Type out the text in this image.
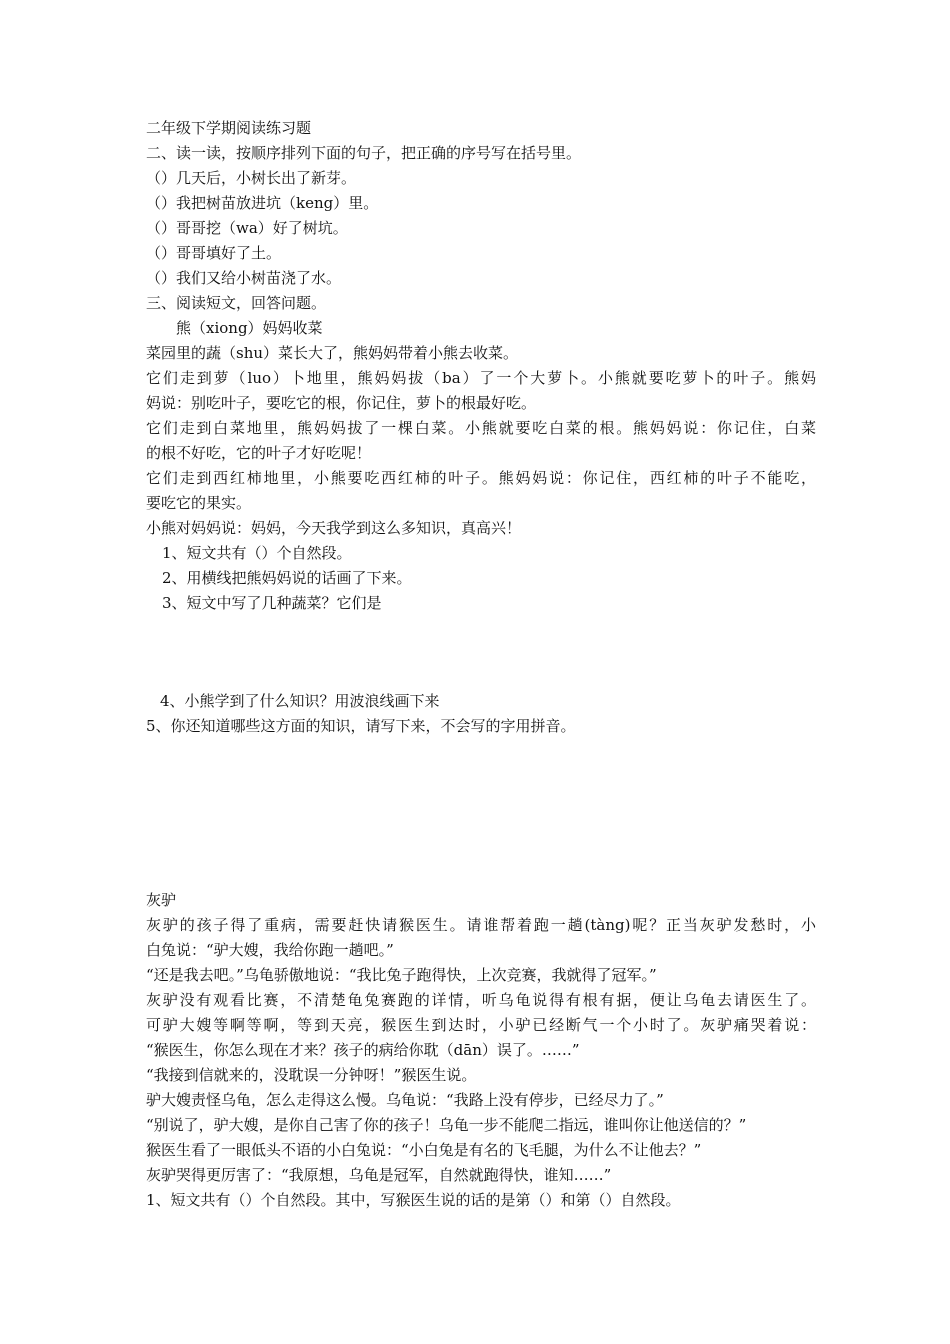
二年级下学期阅读练习题
二、读一读，按顺序排列下面的句子，把正确的序号写在括号里。
（）几天后，小树长出了新芽。
（）我把树苗放进坑（keng）里。
（）哥哥挖（wa）好了树坑。
（）哥哥填好了土。
（）我们又给小树苗浇了水。
三、阅读短文，回答问题。
熊（xiong）妈妈收菜
菜园里的蔬（shu）菜长大了，熊妈妈带着小熊去收菜。
它们走到萝（luo）卜地里，熊妈妈拔（ba）了一个大萝卜。小熊就要吃萝卜的叶子。熊妈
妈说：别吃叶子，要吃它的根，你记住，萝卜的根最好吃。
它们走到白菜地里，熊妈妈拔了一棵白菜。小熊就要吃白菜的根。熊妈妈说：你记住，白菜
的根不好吃，它的叶子才好吃呢！
它们走到西红柿地里，小熊要吃西红柿的叶子。熊妈妈说：你记住，西红柿的叶子不能吃，
要吃它的果实。
小熊对妈妈说：妈妈，今天我学到这么多知识，真高兴！
1、短文共有（）个自然段。
2、用横线把熊妈妈说的话画了下来。
3、短文中写了几种蔬菜？它们是
4、小熊学到了什么知识？用波浪线画下来
5、你还知道哪些这方面的知识，请写下来，不会写的字用拼音。
灰驴
灰驴的孩子得了重病，需要赶快请猴医生。请谁帮着跑一趟(tàng)呢？正当灰驴发愁时，小
白兔说：“驴大嫂，我给你跑一趟吧。”
“还是我去吧。”乌龟骄傲地说：“我比兔子跑得快，上次竞赛，我就得了冠军。”
灰驴没有观看比赛，不清楚龟兔赛跑的详情，听乌龟说得有根有据，便让乌龟去请医生了。
可驴大嫂等啊等啊，等到天亮，猴医生到达时，小驴已经断气一个小时了。灰驴痛哭着说：
“猴医生，你怎么现在才来？孩子的病给你耽（dān）误了。……”
“我接到信就来的，没耽误一分钟呀！”猴医生说。
驴大嫂责怪乌龟，怎么走得这么慢。乌龟说：“我路上没有停步，已经尽力了。”
“别说了，驴大嫂，是你自己害了你的孩子！乌龟一步不能爬二指远，谁叫你让他送信的？”
猴医生看了一眼低头不语的小白兔说：“小白兔是有名的飞毛腿，为什么不让他去？”
灰驴哭得更厉害了：“我原想，乌龟是冠军，自然就跑得快，谁知……”
1、短文共有（）个自然段。其中，写猴医生说的话的是第（）和第（）自然段。
